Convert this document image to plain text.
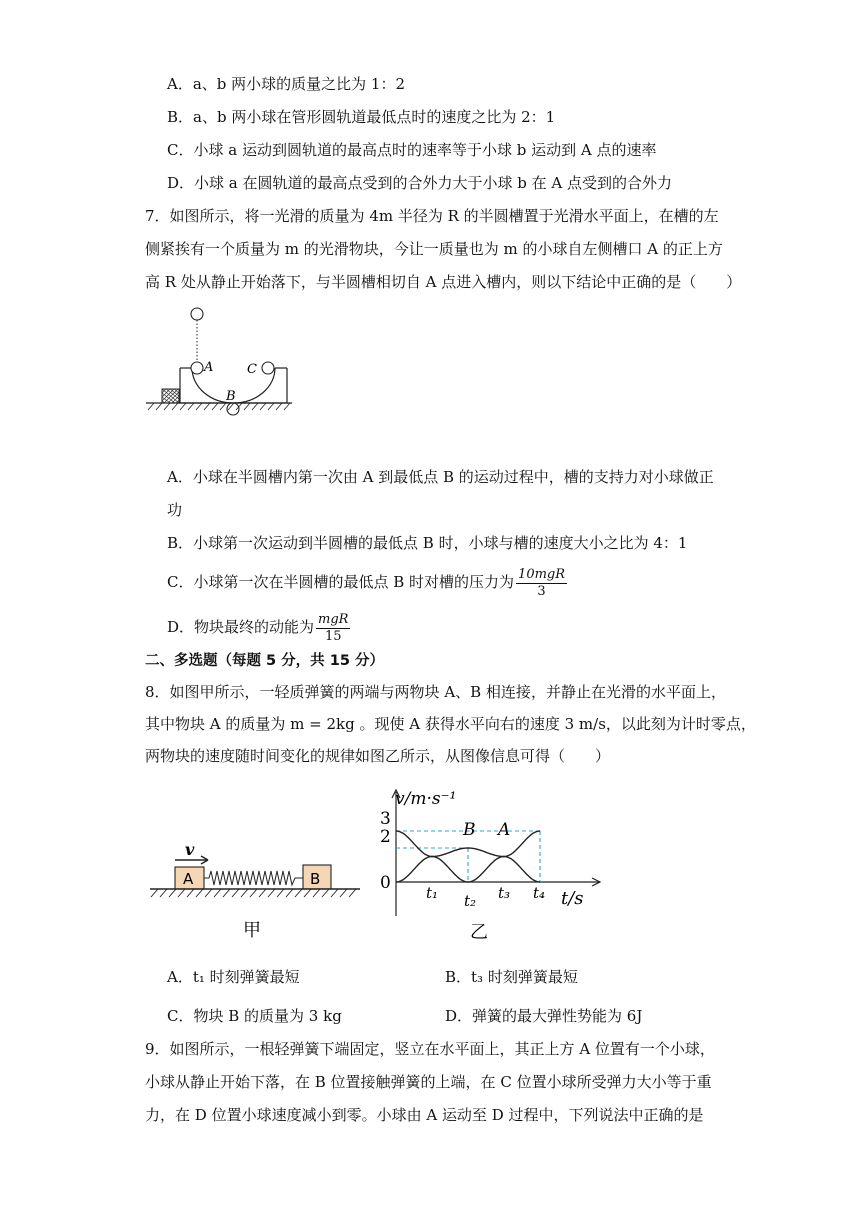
A．a、b 两小球的质量之比为 1：2
B．a、b 两小球在管形圆轨道最低点时的速度之比为 2：1
C．小球 a 运动到圆轨道的最高点时的速率等于小球 b 运动到 A 点的速率
D．小球 a 在圆轨道的最高点受到的合外力大于小球 b 在 A 点受到的合外力
7．如图所示，将一光滑的质量为 4m 半径为 R 的半圆槽置于光滑水平面上，在槽的左
侧紧挨有一个质量为 m 的光滑物块，今让一质量也为 m 的小球自左侧槽口 A 的正上方
高 R 处从静止开始落下，与半圆槽相切自 A 点进入槽内，则以下结论中正确的是（　　）
A	C
B
A．小球在半圆槽内第一次由 A 到最低点 B 的运动过程中，槽的支持力对小球做正
功
B．小球第一次运动到半圆槽的最低点 B 时，小球与槽的速度大小之比为 4：1
C．小球第一次在半圆槽的最低点 B 时对槽的压力为 $\frac{\text{10mgR}}{3}$
D．物块最终的动能为 $\frac{\text{mgR}}{15}$
二、多选题（每题 5 分，共 15 分）
8．如图甲所示，一轻质弹簧的两端与两物块 A、B 相连接，并静止在光滑的水平面上，
其中物块 A 的质量为 m = 2kg 。现使 A 获得水平向右的速度 3 m/s，以此刻为计时零点，
两物块的速度随时间变化的规律如图乙所示，从图像信息可得（　　）
v
A	B
甲
v/m·s⁻¹
t/s
3
2
0 t₁ t₂ t₃ t₄
B A
乙
A．t₁ 时刻弹簧最短	B．t₃ 时刻弹簧最短
C．物块 B 的质量为 3 kg	D．弹簧的最大弹性势能为 6J
9．如图所示，一根轻弹簧下端固定，竖立在水平面上，其正上方 A 位置有一个小球，
小球从静止开始下落，在 B 位置接触弹簧的上端，在 C 位置小球所受弹力大小等于重
力，在 D 位置小球速度减小到零。小球由 A 运动至 D 过程中，下列说法中正确的是
